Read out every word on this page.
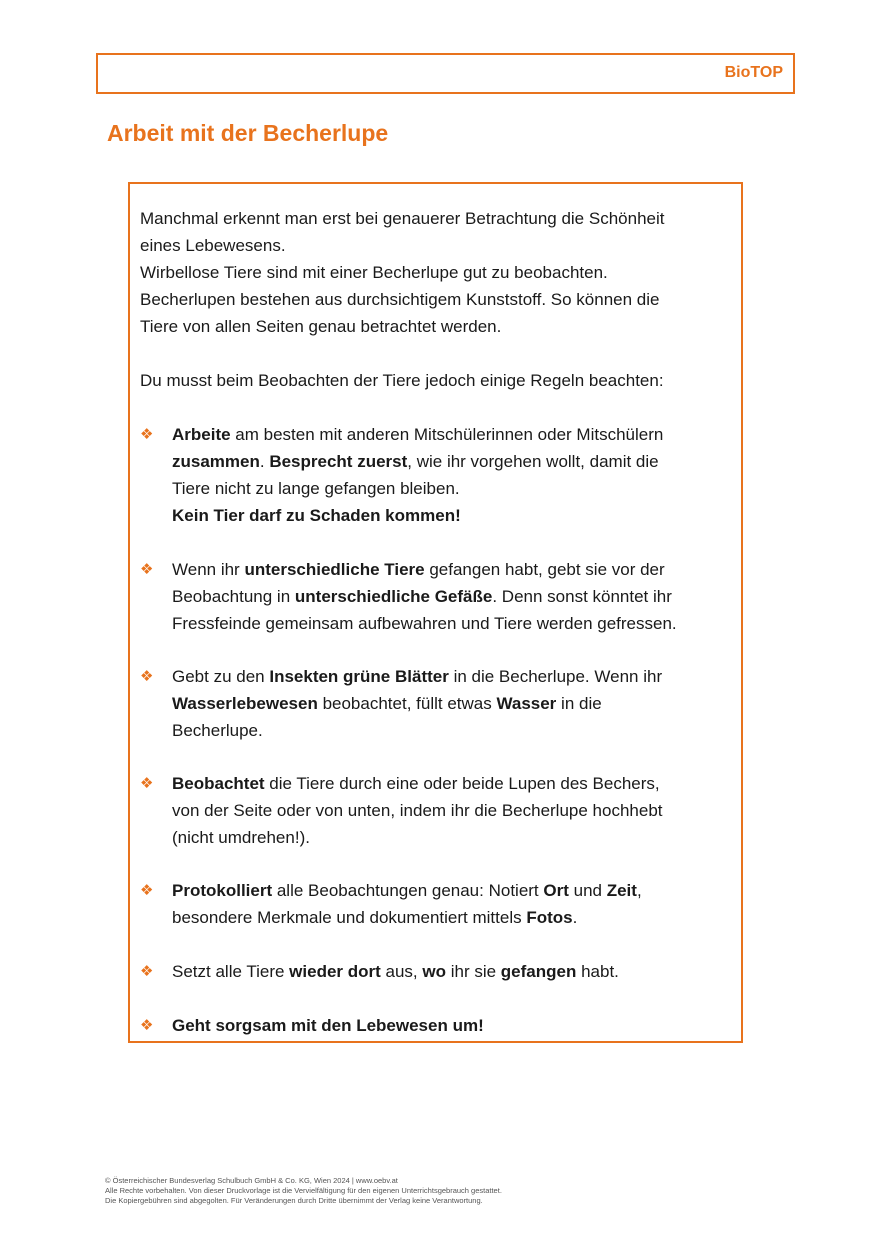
BioTOP
Arbeit mit der Becherlupe
Manchmal erkennt man erst bei genauerer Betrachtung die Schönheit
eines Lebewesens.
Wirbellose Tiere sind mit einer Becherlupe gut zu beobachten.
Becherlupen bestehen aus durchsichtigem Kunststoff. So können die
Tiere von allen Seiten genau betrachtet werden.
Du musst beim Beobachten der Tiere jedoch einige Regeln beachten:
❖ Arbeite am besten mit anderen Mitschülerinnen oder Mitschülern
zusammen. Besprecht zuerst, wie ihr vorgehen wollt, damit die
Tiere nicht zu lange gefangen bleiben.
Kein Tier darf zu Schaden kommen!
❖ Wenn ihr unterschiedliche Tiere gefangen habt, gebt sie vor der
Beobachtung in unterschiedliche Gefäße. Denn sonst könntet ihr
Fressfeinde gemeinsam aufbewahren und Tiere werden gefressen.
❖ Gebt zu den Insekten grüne Blätter in die Becherlupe. Wenn ihr
Wasserlebewesen beobachtet, füllt etwas Wasser in die
Becherlupe.
❖ Beobachtet die Tiere durch eine oder beide Lupen des Bechers,
von der Seite oder von unten, indem ihr die Becherlupe hochhebt
(nicht umdrehen!).
❖ Protokolliert alle Beobachtungen genau: Notiert Ort und Zeit,
besondere Merkmale und dokumentiert mittels Fotos.
❖ Setzt alle Tiere wieder dort aus, wo ihr sie gefangen habt.
❖ Geht sorgsam mit den Lebewesen um!
© Österreichischer Bundesverlag Schulbuch GmbH & Co. KG, Wien 2024 | www.oebv.at
Alle Rechte vorbehalten. Von dieser Druckvorlage ist die Vervielfältigung für den eigenen Unterrichtsgebrauch gestattet.
Die Kopiergebühren sind abgegolten. Für Veränderungen durch Dritte übernimmt der Verlag keine Verantwortung.
